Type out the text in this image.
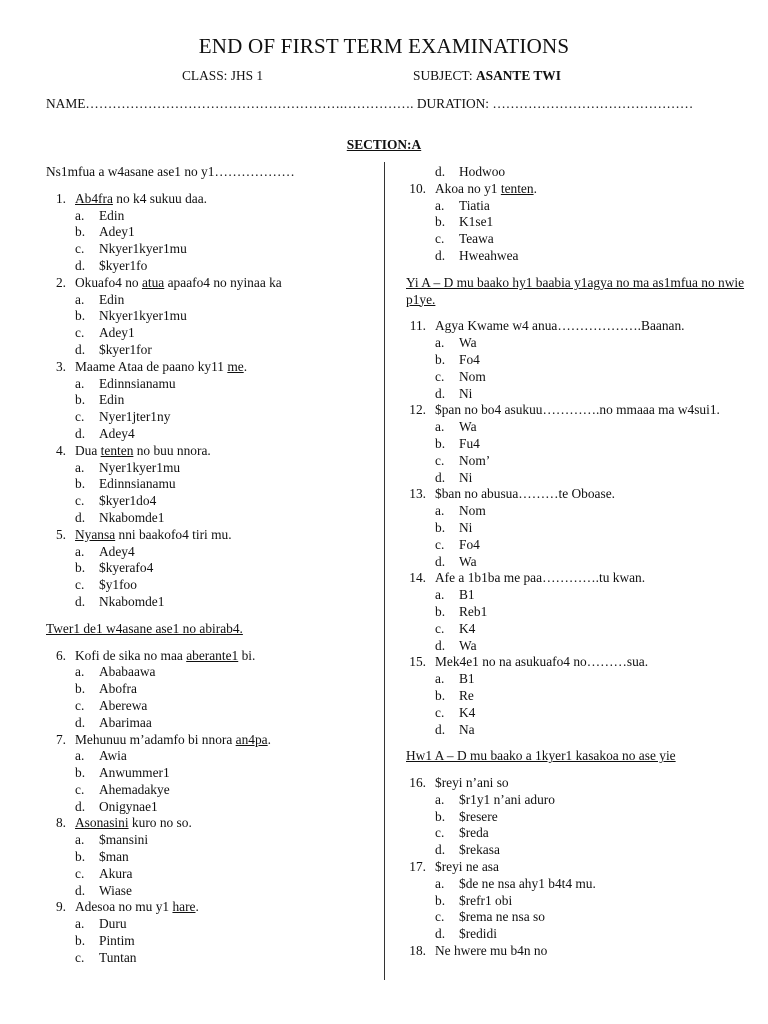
END OF FIRST TERM EXAMINATIONS
CLASS: JHS 1	SUBJECT: ASANTE TWI
NAME………………………………………………….……………. DURATION: ………………………………………
SECTION:A

Ns1mfua a w4asane ase1 no y1………………

1. Ab4fra no k4 sukuu daa.
a. Edin
b. Adey1
c. Nkyer1kyer1mu
d. $kyer1fo
2. Okuafo4 no atua apaafo4 no nyinaa ka
a. Edin
b. Nkyer1kyer1mu
c. Adey1
d. $kyer1for
3. Maame Ataa de paano ky11 me.
a. Edinnsianamu
b. Edin
c. Nyer1jter1ny
d. Adey4
4. Dua tenten no buu nnora.
a. Nyer1kyer1mu
b. Edinnsianamu
c. $kyer1do4
d. Nkabomde1
5. Nyansa nni baakofo4 tiri mu.
a. Adey4
b. $kyerafo4
c. $y1foo
d. Nkabomde1

Twer1 de1 w4asane ase1 no abirab4.

6. Kofi de sika no maa aberante1 bi.
a. Ababaawa
b. Abofra
c. Aberewa
d. Abarimaa
7. Mehunuu m’adamfo bi nnora an4pa.
a. Awia
b. Anwummer1
c. Ahemadakye
d. Onigynae1
8. Asonasini kuro no so.
a. $mansini
b. $man
c. Akura
d. Wiase
9. Adesoa no mu y1 hare.
a. Duru
b. Pintim
c. Tuntan
d. Hodwoo
10. Akoa no y1 tenten.
a. Tiatia
b. K1se1
c. Teawa
d. Hweahwea

Yi A – D mu baako hy1 baabia y1agya no ma as1mfua no nwie p1ye.

11. Agya Kwame w4 anua……………….Baanan.
a. Wa
b. Fo4
c. Nom
d. Ni
12. $pan no bo4 asukuu………….no mmaaa ma w4sui1.
a. Wa
b. Fu4
c. Nom’
d. Ni
13. $ban no abusua………te Oboase.
a. Nom
b. Ni
c. Fo4
d. Wa
14. Afe a 1b1ba me paa………….tu kwan.
a. B1
b. Reb1
c. K4
d. Wa
15. Mek4e1 no na asukuafo4 no………sua.
a. B1
b. Re
c. K4
d. Na

Hw1 A – D mu baako a 1kyer1 kasakoa no ase yie

16. $reyi n’ani so
a. $r1y1 n’ani aduro
b. $resere
c. $reda
d. $rekasa
17. $reyi ne asa
a. $de ne nsa ahy1 b4t4 mu.
b. $refr1 obi
c. $rema ne nsa so
d. $redidi
18. Ne hwere mu b4n no
